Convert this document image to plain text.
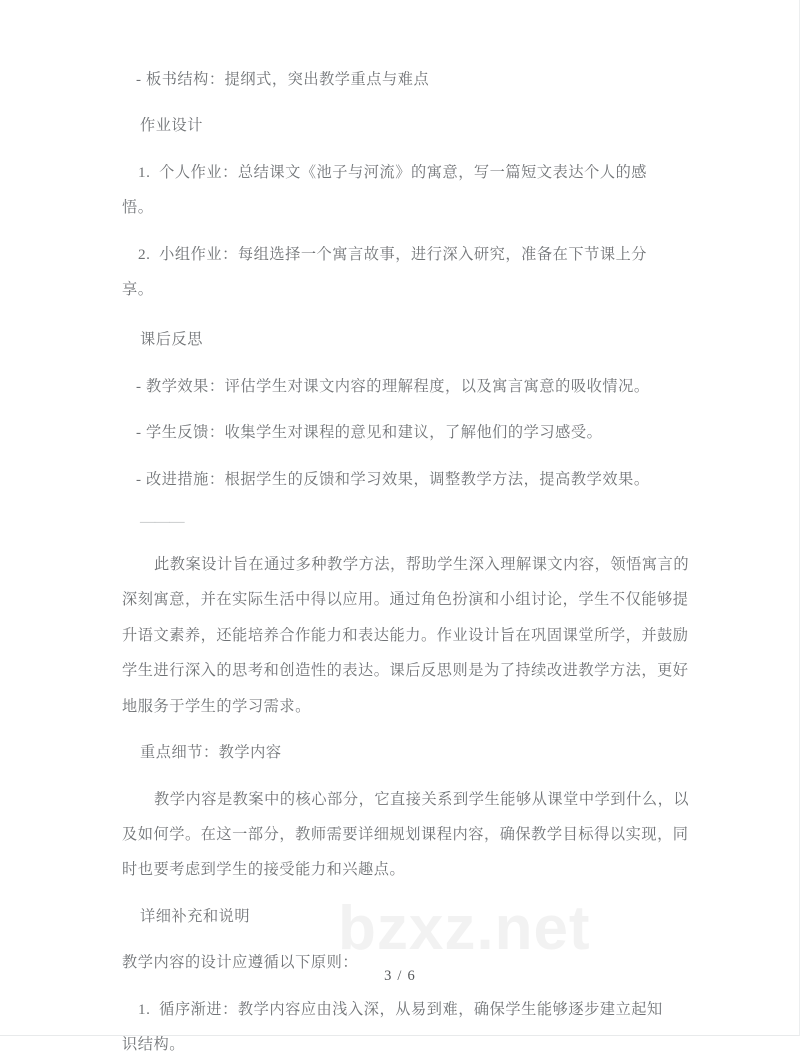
bzxz.net
- 板书结构：提纲式，突出教学重点与难点
作业设计
1.  个人作业：总结课文《池子与河流》的寓意，写一篇短文表达个人的感
悟。
2.  小组作业：每组选择一个寓言故事，进行深入研究，准备在下节课上分
享。
课后反思
- 教学效果：评估学生对课文内容的理解程度，以及寓言寓意的吸收情况。
- 学生反馈：收集学生对课程的意见和建议，了解他们的学习感受。
- 改进措施：根据学生的反馈和学习效果，调整教学方法，提高教学效果。
———
此教案设计旨在通过多种教学方法，帮助学生深入理解课文内容，领悟寓言的
深刻寓意，并在实际生活中得以应用。通过角色扮演和小组讨论，学生不仅能够提
升语文素养，还能培养合作能力和表达能力。作业设计旨在巩固课堂所学，并鼓励
学生进行深入的思考和创造性的表达。课后反思则是为了持续改进教学方法，更好
地服务于学生的学习需求。
重点细节：教学内容
教学内容是教案中的核心部分，它直接关系到学生能够从课堂中学到什么，以
及如何学。在这一部分，教师需要详细规划课程内容，确保教学目标得以实现，同
时也要考虑到学生的接受能力和兴趣点。
详细补充和说明
教学内容的设计应遵循以下原则：
1.  循序渐进：教学内容应由浅入深，从易到难，确保学生能够逐步建立起知
识结构。
3 / 6
